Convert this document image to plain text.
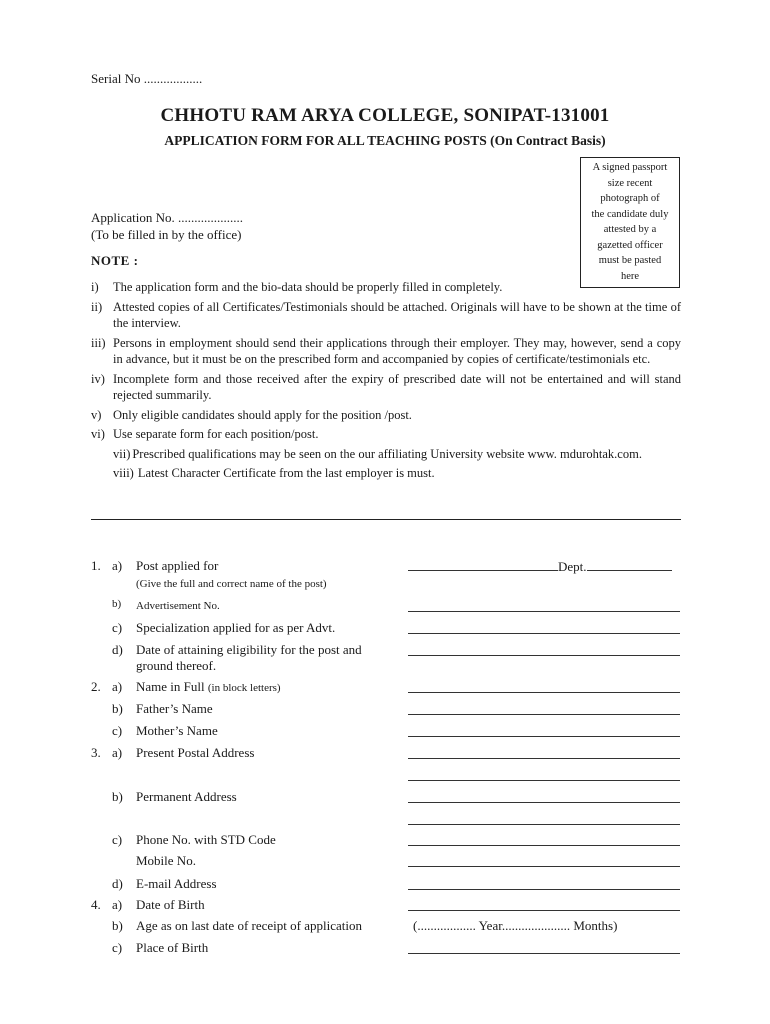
Serial No ..................
CHHOTU RAM ARYA COLLEGE, SONIPAT-131001
APPLICATION FORM FOR ALL TEACHING POSTS (On Contract Basis)
A signed passport
size recent
photograph of
the candidate duly
attested by a
gazetted officer
must be pasted
here
Application No. ....................
(To be filled in by the office)
NOTE :
i) The application form and the bio-data should be properly filled in completely.
ii) Attested copies of all Certificates/Testimonials should be attached. Originals will have to be shown at the time of the interview.
iii) Persons in employment should send their applications through their employer. They may, however, send a copy in advance, but it must be on the prescribed form and accompanied by copies of certificate/testimonials etc.
iv) Incomplete form and those received after the expiry of prescribed date will not be entertained and will stand rejected summarily.
v) Only eligible candidates should apply for the position /post.
vi) Use separate form for each position/post.
vii) Prescribed qualifications may be seen on the our affiliating University website www. mdurohtak.com.
viii) Latest Character Certificate from the last employer is must.
1. a) Post applied for	Dept.
(Give the full and correct name of the post)
b) Advertisement No.
c) Specialization applied for as per Advt.
d) Date of attaining eligibility for the post and ground thereof.
2. a) Name in Full (in block letters)
b) Father’s Name
c) Mother’s Name
3. a) Present Postal Address
b) Permanent Address
c) Phone No. with STD Code
Mobile No.
d) E-mail Address
4. a) Date of Birth
b) Age as on last date of receipt of application	(.................. Year..................... Months)
c) Place of Birth
